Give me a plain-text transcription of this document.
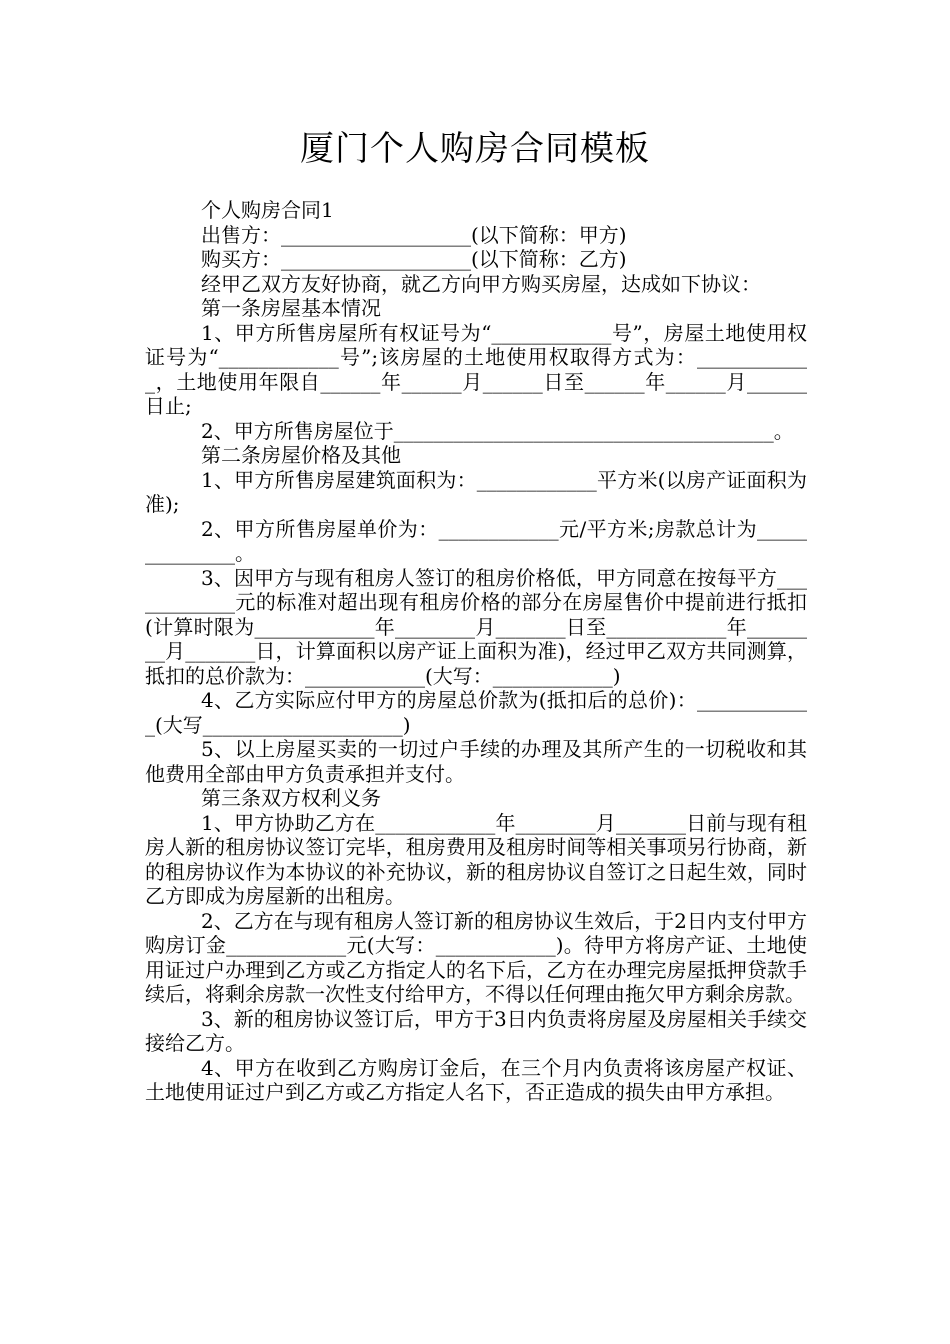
厦门个人购房合同模板

个人购房合同1

出售方：___________________(以下简称：甲方)

购买方：___________________(以下简称：乙方)

经甲乙双方友好协商，就乙方向甲方购买房屋，达成如下协议：

第一条房屋基本情况

1、甲方所售房屋所有权证号为“____________号”，房屋土地使用权证号为“____________号”;该房屋的土地使用权取得方式为：____________，土地使用年限自______年______月______日至______年______月______日止;

2、甲方所售房屋位于______________________________________。

第二条房屋价格及其他

1、甲方所售房屋建筑面积为：____________平方米(以房产证面积为准);

2、甲方所售房屋单价为：____________元/平方米;房款总计为______________。

3、因甲方与现有租房人签订的租房价格低，甲方同意在按每平方____________元的标准对超出现有租房价格的部分在房屋售价中提前进行抵扣(计算时限为____________年________月_______日至____________年________月_______日，计算面积以房产证上面积为准)，经过甲乙双方共同测算，抵扣的总价款为：____________(大写：____________)

4、乙方实际应付甲方的房屋总价款为(抵扣后的总价)：____________(大写____________________)

5、以上房屋买卖的一切过户手续的办理及其所产生的一切税收和其他费用全部由甲方负责承担并支付。

第三条双方权利义务

1、甲方协助乙方在____________年________月_______日前与现有租房人新的租房协议签订完毕，租房费用及租房时间等相关事项另行协商，新的租房协议作为本协议的补充协议，新的租房协议自签订之日起生效，同时乙方即成为房屋新的出租房。

2、乙方在与现有租房人签订新的租房协议生效后，于2日内支付甲方购房订金____________元(大写：____________)。待甲方将房产证、土地使用证过户办理到乙方或乙方指定人的名下后，乙方在办理完房屋抵押贷款手续后，将剩余房款一次性支付给甲方，不得以任何理由拖欠甲方剩余房款。

3、新的租房协议签订后，甲方于3日内负责将房屋及房屋相关手续交接给乙方。

4、甲方在收到乙方购房订金后，在三个月内负责将该房屋产权证、土地使用证过户到乙方或乙方指定人名下，否正造成的损失由甲方承担。
